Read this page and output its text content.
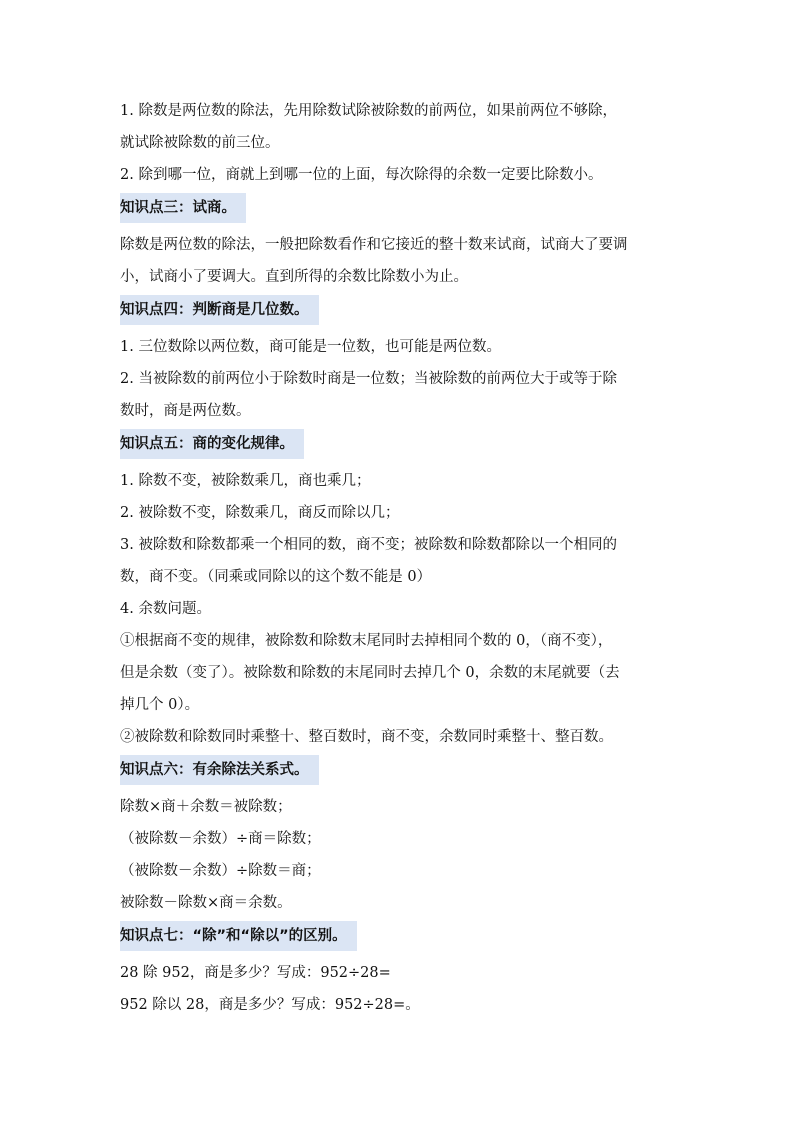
1. 除数是两位数的除法，先用除数试除被除数的前两位，如果前两位不够除，

就试除被除数的前三位。

2. 除到哪一位，商就上到哪一位的上面，每次除得的余数一定要比除数小。

知识点三：试商。

除数是两位数的除法，一般把除数看作和它接近的整十数来试商，试商大了要调

小，试商小了要调大。直到所得的余数比除数小为止。

知识点四：判断商是几位数。

1. 三位数除以两位数，商可能是一位数，也可能是两位数。

2. 当被除数的前两位小于除数时商是一位数；当被除数的前两位大于或等于除

数时，商是两位数。

知识点五：商的变化规律。

1. 除数不变，被除数乘几，商也乘几；

2. 被除数不变，除数乘几，商反而除以几；

3. 被除数和除数都乘一个相同的数，商不变；被除数和除数都除以一个相同的

数，商不变。（同乘或同除以的这个数不能是 0）

4. 余数问题。

①根据商不变的规律，被除数和除数末尾同时去掉相同个数的 0，（商不变），

但是余数（变了）。被除数和除数的末尾同时去掉几个 0，余数的末尾就要（去

掉几个 0）。

②被除数和除数同时乘整十、整百数时，商不变，余数同时乘整十、整百数。

知识点六：有余除法关系式。

除数×商＋余数＝被除数；

（被除数－余数）÷商＝除数；

（被除数－余数）÷除数＝商；

被除数－除数×商＝余数。

知识点七：“除”和“除以”的区别。

28 除 952，商是多少？写成：952÷28=

952 除以 28，商是多少？写成：952÷28=。
